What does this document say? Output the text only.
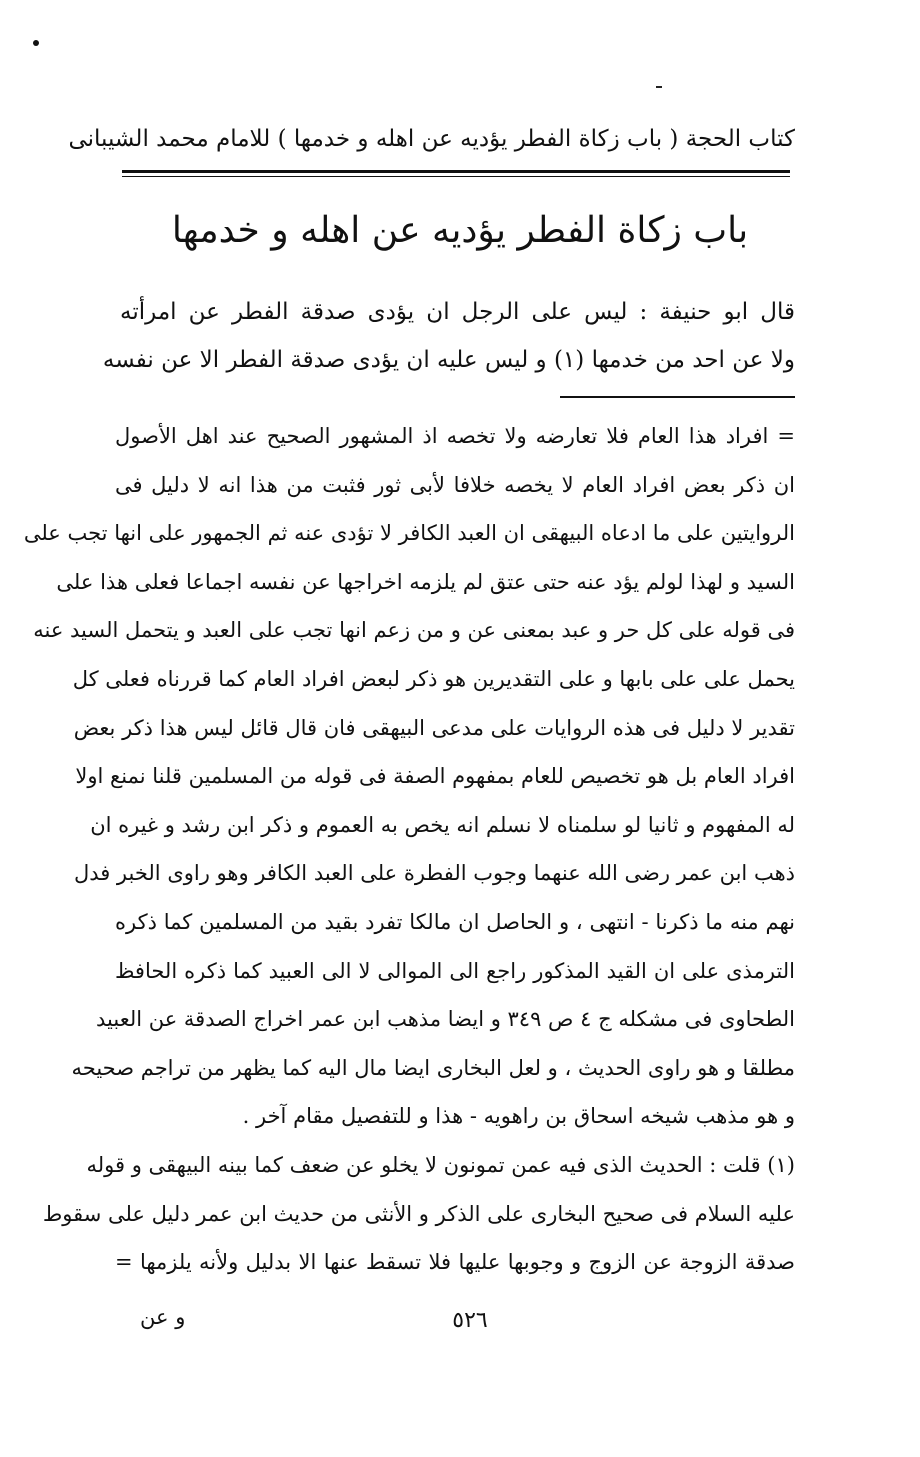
كتاب الحجة ( باب زكاة الفطر يؤديه عن اهله و خدمها ) للامام محمد الشيبانى
باب زكاة الفطر يؤديه عن اهله و خدمها
قال ابو حنيفة : ليس على الرجل ان يؤدى صدقة الفطر عن امرأته
ولا عن احد من خدمها (١) و ليس عليه ان يؤدى صدقة الفطر الا عن نفسه
= افراد هذا العام فلا تعارضه ولا تخصه اذ المشهور الصحيح عند اهل الأصول
ان ذكر بعض افراد العام لا يخصه خلافا لأبى ثور فثبت من هذا انه لا دليل فى
الروايتين على ما ادعاه البيهقى ان العبد الكافر لا تؤدى عنه ثم الجمهور على انها تجب على
السيد و لهذا لولم يؤد عنه حتى عتق لم يلزمه اخراجها عن نفسه اجماعا فعلى هذا على
فى قوله على كل حر و عبد بمعنى عن و من زعم انها تجب على العبد و يتحمل السيد عنه
يحمل على على بابها و على التقديرين هو ذكر لبعض افراد العام كما قررناه فعلى كل
تقدير لا دليل فى هذه الروايات على مدعى البيهقى فان قال قائل ليس هذا ذكر بعض
افراد العام بل هو تخصيص للعام بمفهوم الصفة فى قوله من المسلمين قلنا نمنع اولا
له المفهوم و ثانيا لو سلمناه لا نسلم انه يخص به العموم و ذكر ابن رشد و غيره ان
ذهب ابن عمر رضى الله عنهما وجوب الفطرة على العبد الكافر وهو راوى الخبر فدل
نهم منه ما ذكرنا - انتهى ، و الحاصل ان مالكا تفرد بقيد من المسلمين كما ذكره
الترمذى على ان القيد المذكور راجع الى الموالى لا الى العبيد كما ذكره الحافظ
الطحاوى فى مشكله ج ٤ ص ٣٤٩ و ايضا مذهب ابن عمر اخراج الصدقة عن العبيد
مطلقا و هو راوى الحديث ، و لعل البخارى ايضا مال اليه كما يظهر من تراجم صحيحه
و هو مذهب شيخه اسحاق بن راهويه - هذا و للتفصيل مقام آخر .
(١) قلت : الحديث الذى فيه عمن تمونون لا يخلو عن ضعف كما بينه البيهقى و قوله
عليه السلام فى صحيح البخارى على الذكر و الأنثى من حديث ابن عمر دليل على سقوط
صدقة الزوجة عن الزوج و وجوبها عليها فلا تسقط عنها الا بدليل ولأنه يلزمها =
و عن	٥٢٦
